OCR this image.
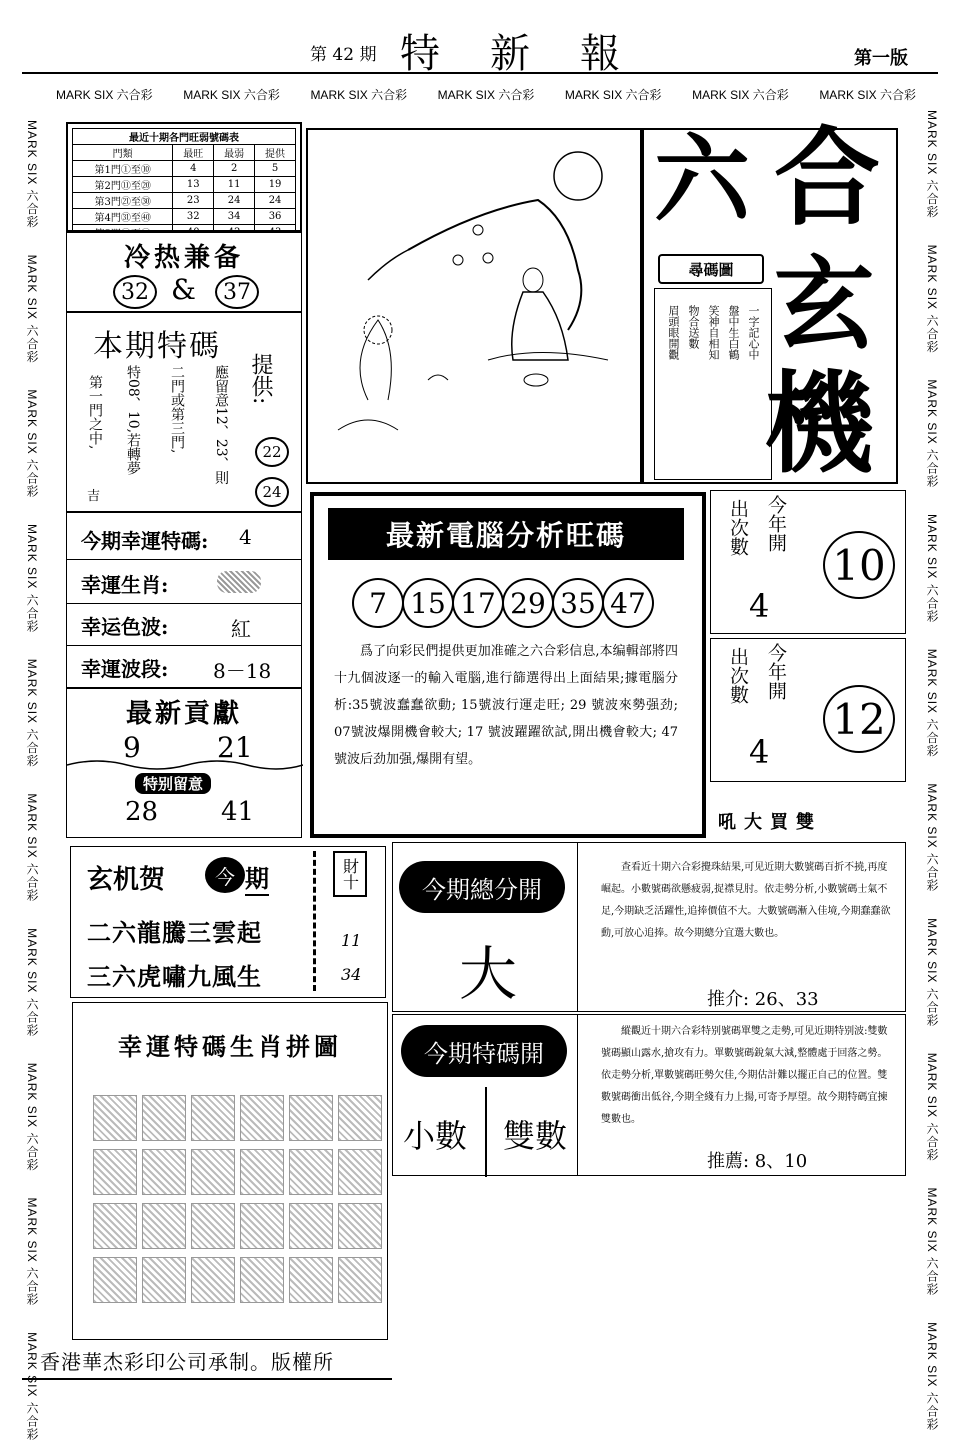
第 42 期 特新報	第一版
MARK SIX 六合彩	MARK SIX 六合彩	MARK SIX 六合彩	MARK SIX 六合彩	MARK SIX 六合彩	MARK SIX 六合彩	MARK SIX 六合彩
MARK SIX 六合彩　　MARK SIX 六合彩　　MARK SIX 六合彩　　MARK SIX 六合彩　　MARK SIX 六合彩　　MARK SIX 六合彩　　MARK SIX 六合彩　　MARK SIX 六合彩　　MARK SIX 六合彩　　MARK SIX 六合彩	MARK SIX 六合彩　　MARK SIX 六合彩　　MARK SIX 六合彩　　MARK SIX 六合彩　　MARK SIX 六合彩　　MARK SIX 六合彩　　MARK SIX 六合彩　　MARK SIX 六合彩　　MARK SIX 六合彩　　MARK SIX 六合彩
最近十期各門旺弱號碼表			
門類	最旺	最弱	提供
第1門①至⑩	4	2	5
第2門⑪至⑳	13	11	19
第3門㉑至㉚	23	24	24
第4門㉛至㊵	32	34	36

冷热兼备
32 &	37
本期特碼
提供:
第一門之中, 特08、10,若轉夢 二門或第三門, 應留意12、23、則
吉
22
24
今期幸運特碼: 4
幸運生肖:
幸运色波:	紅
幸運波段: 8－18
最新貢獻
9	21
特别留意
28 41
玄机贺	今 期
二六龍騰三雲起
三六虎嘯九風生
財十
11
34
幸運特碼生肖拼圖
香港華杰彩印公司承制。版權所
六 合
玄
機
尋碼圖
一字記心中
盤中生白鶴
笑神自相知
物合送數
眉頭眼開觀
最新電腦分析旺碼
7 15 17 29 35 47
爲了向彩民們提供更加准確之六合彩信息,本编輯部將四十九個波逐一的輸入電腦,進行篩選得出上面結果;據電腦分析:35號波蠢蠢欲動; 15號波行運走旺; 29 號波來勢强劲; 07號波爆開機會較大; 17 號波躍躍欲試,開出機會較大; 47號波后劲加强,爆開有望。
出次數 今年開
4
10
出次數 今年開
4
12
吼大買雙
今期總分開
大
查看近十期六合彩攪珠結果,可见近期大數號碼百折不撓,再度崛起。小數號碼欲懸疲弱,捉襟見肘。依走勢分析,小數號碼士氣不足,今期缺乏活躍性,追捧價值不大。大數號碼漸入佳境,今期蠢蠢欲動,可放心追捧。故今期總分宜選大數也。
推介: 26、33
今期特碼開
小數 雙數
縱觀近十期六合彩特别號碼單雙之走勢,可见近期特别波:雙數號碼顯山露水,搶攻有力。單數號碼銳氣大減,整體處于回落之勢。依走勢分析,單數號碼旺勢欠佳,今期估計難以擺正自己的位置。雙數號碼衝出低谷,今期全綫有力上揚,可寄予厚望。故今期特碼宜揀雙數也。
推薦: 8、10
